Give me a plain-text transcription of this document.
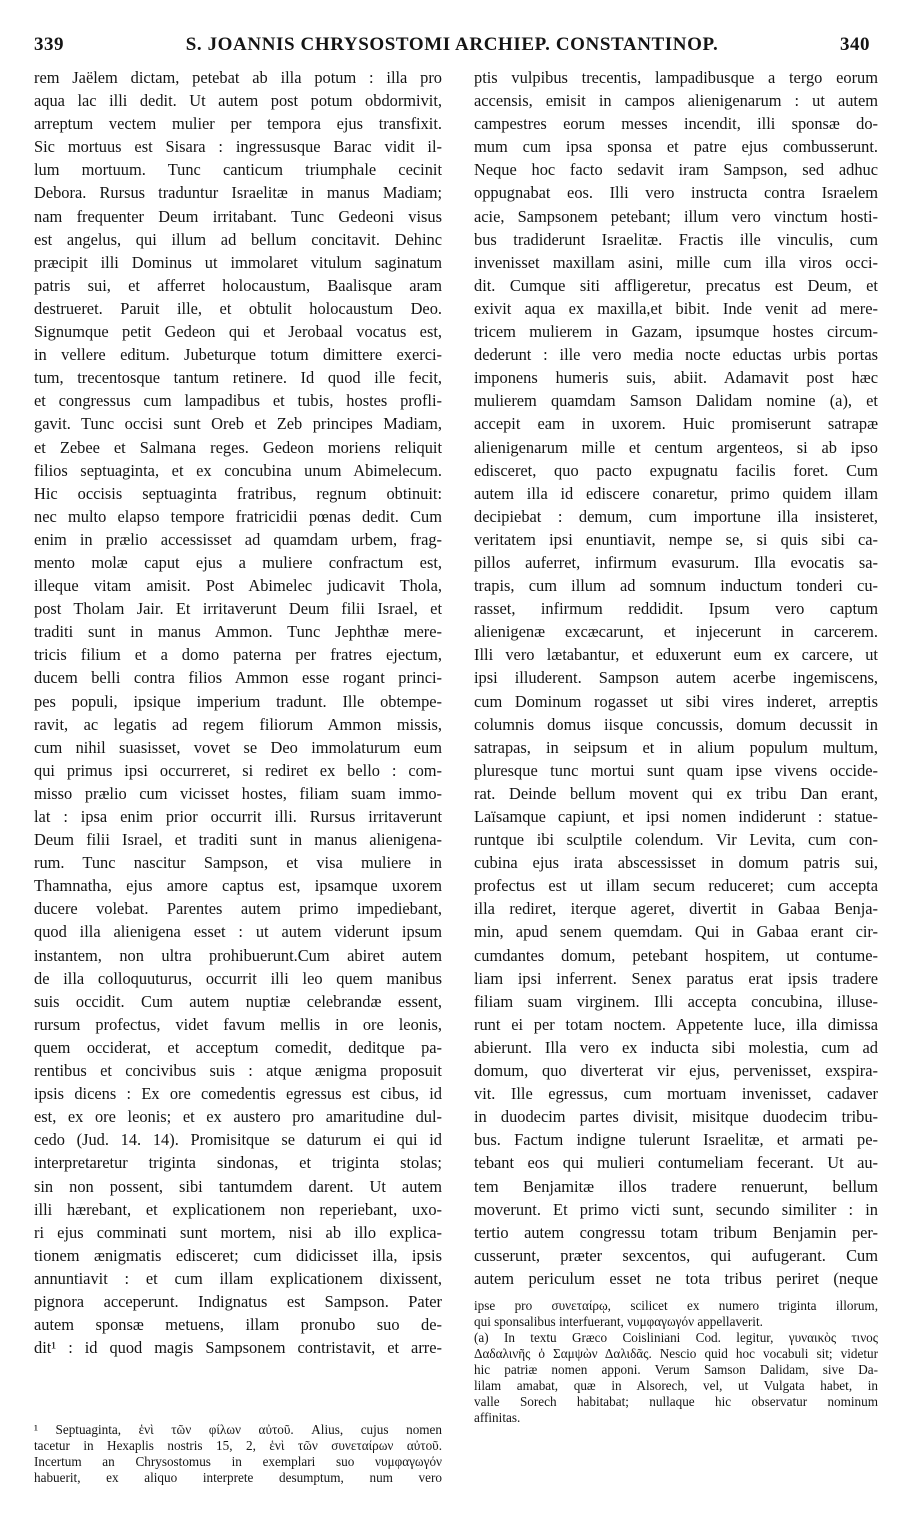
339	S. JOANNIS CHRYSOSTOMI ARCHIEP. CONSTANTINOP.	340
rem Jaëlem dictam, petebat ab illa potum : illa pro
aqua lac illi dedit. Ut autem post potum obdormivit,
arreptum vectem mulier per tempora ejus transfixit.
Sic mortuus est Sisara : ingressusque Barac vidit il-
lum mortuum. Tunc canticum triumphale cecinit
Debora. Rursus traduntur Israelitæ in manus Madiam;
nam frequenter Deum irritabant. Tunc Gedeoni visus
est angelus, qui illum ad bellum concitavit. Dehinc
præcipit illi Dominus ut immolaret vitulum saginatum
patris sui, et afferret holocaustum, Baalisque aram
destrueret. Paruit ille, et obtulit holocaustum Deo.
Signumque petit Gedeon qui et Jerobaal vocatus est,
in vellere editum. Jubeturque totum dimittere exerci-
tum, trecentosque tantum retinere. Id quod ille fecit,
et congressus cum lampadibus et tubis, hostes profli-
gavit. Tunc occisi sunt Oreb et Zeb principes Madiam,
et Zebee et Salmana reges. Gedeon moriens reliquit
filios septuaginta, et ex concubina unum Abimelecum.
Hic occisis septuaginta fratribus, regnum obtinuit:
nec multo elapso tempore fratricidii pœnas dedit. Cum
enim in prælio accessisset ad quamdam urbem, frag-
mento molæ caput ejus a muliere confractum est,
illeque vitam amisit. Post Abimelec judicavit Thola,
post Tholam Jair. Et irritaverunt Deum filii Israel, et
traditi sunt in manus Ammon. Tunc Jephthæ mere-
tricis filium et a domo paterna per fratres ejectum,
ducem belli contra filios Ammon esse rogant princi-
pes populi, ipsique imperium tradunt. Ille obtempe-
ravit, ac legatis ad regem filiorum Ammon missis,
cum nihil suasisset, vovet se Deo immolaturum eum
qui primus ipsi occurreret, si rediret ex bello : com-
misso prælio cum vicisset hostes, filiam suam immo-
lat : ipsa enim prior occurrit illi. Rursus irritaverunt
Deum filii Israel, et traditi sunt in manus alienigena-
rum. Tunc nascitur Sampson, et visa muliere in
Thamnatha, ejus amore captus est, ipsamque uxorem
ducere volebat. Parentes autem primo impediebant,
quod illa alienigena esset : ut autem viderunt ipsum
instantem, non ultra prohibuerunt.Cum abiret autem
de illa colloquuturus, occurrit illi leo quem manibus
suis occidit. Cum autem nuptiæ celebrandæ essent,
rursum profectus, videt favum mellis in ore leonis,
quem occiderat, et acceptum comedit, deditque pa-
rentibus et concivibus suis : atque ænigma proposuit
ipsis dicens : Ex ore comedentis egressus est cibus, id
est, ex ore leonis; et ex austero pro amaritudine dul-
cedo (Jud. 14. 14). Promisitque se daturum ei qui id
interpretaretur triginta sindonas, et triginta stolas;
sin non possent, sibi tantumdem darent. Ut autem
illi hærebant, et explicationem non reperiebant, uxo-
ri ejus comminati sunt mortem, nisi ab illo explica-
tionem ænigmatis edisceret; cum didicisset illa, ipsis
annuntiavit : et cum illam explicationem dixissent,
pignora acceperunt. Indignatus est Sampson. Pater
autem sponsæ metuens, illam pronubo suo de-
dit¹ : id quod magis Sampsonem contristavit, et arre-
ptis vulpibus trecentis, lampadibusque a tergo eorum
accensis, emisit in campos alienigenarum : ut autem
campestres eorum messes incendit, illi sponsæ do-
mum cum ipsa sponsa et patre ejus combusserunt.
Neque hoc facto sedavit iram Sampson, sed adhuc
oppugnabat eos. Illi vero instructa contra Israelem
acie, Sampsonem petebant; illum vero vinctum hosti-
bus tradiderunt Israelitæ. Fractis ille vinculis, cum
invenisset maxillam asini, mille cum illa viros occi-
dit. Cumque siti affligeretur, precatus est Deum, et
exivit aqua ex maxilla,et bibit. Inde venit ad mere-
tricem mulierem in Gazam, ipsumque hostes circum-
dederunt : ille vero media nocte eductas urbis portas
imponens humeris suis, abiit. Adamavit post hæc
mulierem quamdam Samson Dalidam nomine (a), et
accepit eam in uxorem. Huic promiserunt satrapæ
alienigenarum mille et centum argenteos, si ab ipso
edisceret, quo pacto expugnatu facilis foret. Cum
autem illa id ediscere conaretur, primo quidem illam
decipiebat : demum, cum importune illa insisteret,
veritatem ipsi enuntiavit, nempe se, si quis sibi ca-
pillos auferret, infirmum evasurum. Illa evocatis sa-
trapis, cum illum ad somnum inductum tonderi cu-
rasset, infirmum reddidit. Ipsum vero captum
alienigenæ excæcarunt, et injecerunt in carcerem.
Illi vero lætabantur, et eduxerunt eum ex carcere, ut
ipsi illuderent. Sampson autem acerbe ingemiscens,
cum Dominum rogasset ut sibi vires inderet, arreptis
columnis domus iisque concussis, domum decussit in
satrapas, in seipsum et in alium populum multum,
pluresque tunc mortui sunt quam ipse vivens occide-
rat. Deinde bellum movent qui ex tribu Dan erant,
Laïsamque capiunt, et ipsi nomen indiderunt : statue-
runtque ibi sculptile colendum. Vir Levita, cum con-
cubina ejus irata abscessisset in domum patris sui,
profectus est ut illam secum reduceret; cum accepta
illa rediret, iterque ageret, divertit in Gabaa Benja-
min, apud senem quemdam. Qui in Gabaa erant cir-
cumdantes domum, petebant hospitem, ut contume-
liam ipsi inferrent. Senex paratus erat ipsis tradere
filiam suam virginem. Illi accepta concubina, illuse-
runt ei per totam noctem. Appetente luce, illa dimissa
abierunt. Illa vero ex inducta sibi molestia, cum ad
domum, quo diverterat vir ejus, pervenisset, exspira-
vit. Ille egressus, cum mortuam invenisset, cadaver
in duodecim partes divisit, misitque duodecim tribu-
bus. Factum indigne tulerunt Israelitæ, et armati pe-
tebant eos qui mulieri contumeliam fecerant. Ut au-
tem Benjamitæ illos tradere renuerunt, bellum
moverunt. Et primo victi sunt, secundo similiter : in
tertio autem congressu totam tribum Benjamin per-
cusserunt, præter sexcentos, qui aufugerant. Cum
autem periculum esset ne tota tribus periret (neque
¹ Septuaginta, ἑνὶ τῶν φίλων αὐτοῦ. Alius, cujus nomen
tacetur in Hexaplis nostris 15, 2, ἑνὶ τῶν συνεταίρων αὐτοῦ.
Incertum an Chrysostomus in exemplari suo νυμφαγωγόν
habuerit, ex aliquo interprete desumptum, num vero
ipse pro συνεταίρῳ, scilicet ex numero triginta illorum,
qui sponsalibus interfuerant, νυμφαγωγόν appellaverit.
(a) In textu Græco Coisliniani Cod. legitur, γυναικὸς τινος
Δαδαλινῆς ὁ Σαμψὼν Δαλιδᾶς. Nescio quid hoc vocabuli sit; videtur
hic patriæ nomen apponi. Verum Samson Dalidam, sive Da-
lilam amabat, quæ in Alsorech, vel, ut Vulgata habet, in
valle Sorech habitabat; nullaque hic observatur nominum
affinitas.
